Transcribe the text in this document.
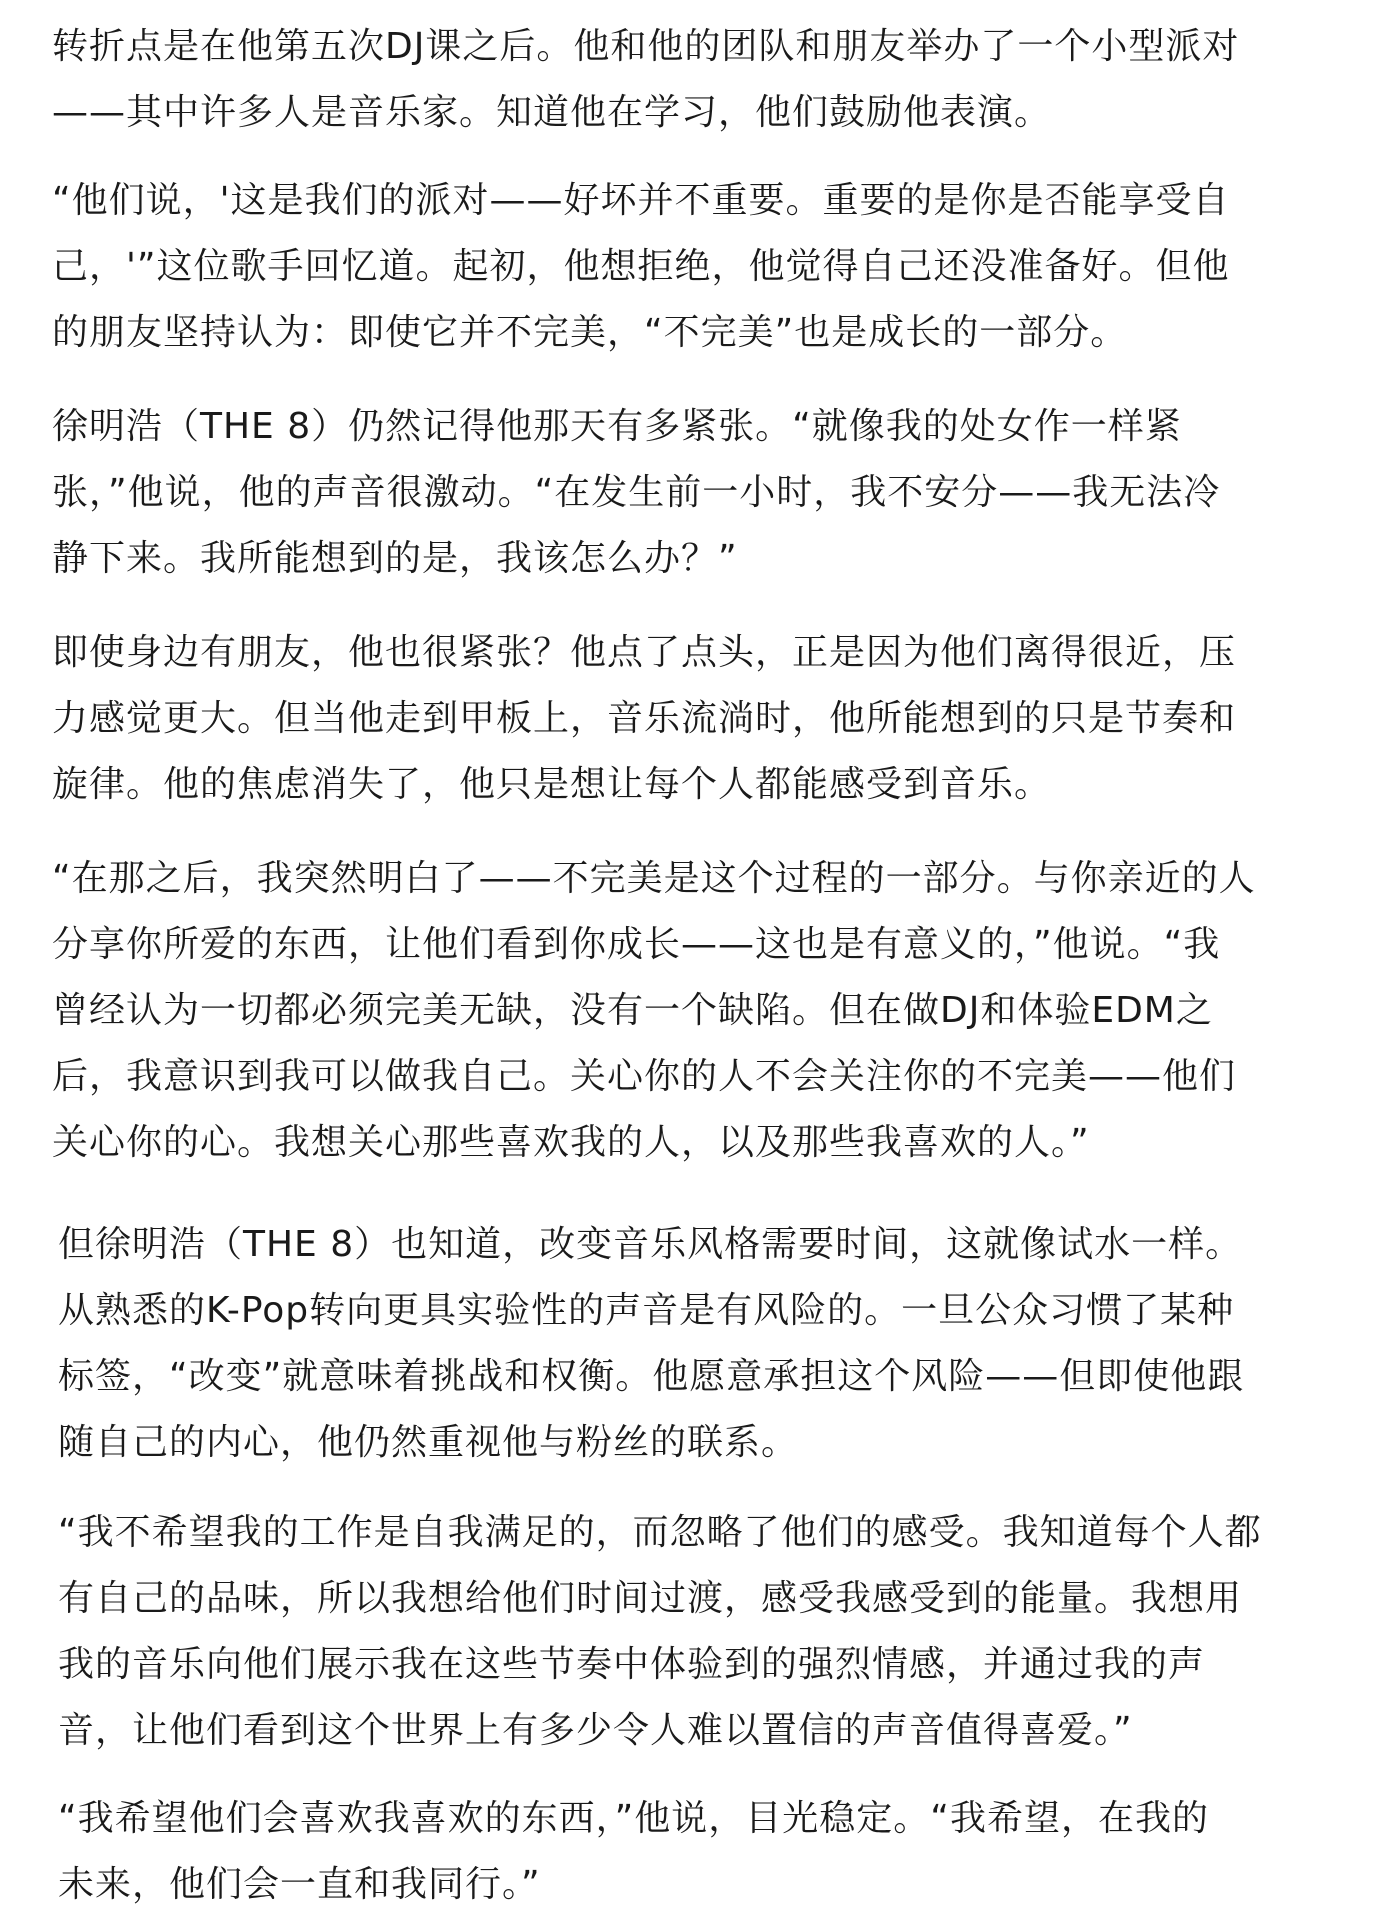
转折点是在他第五次DJ课之后。他和他的团队和朋友举办了一个小型派对
——其中许多人是音乐家。知道他在学习，他们鼓励他表演。

“他们说，'这是我们的派对——好坏并不重要。重要的是你是否能享受自
己，'”这位歌手回忆道。起初，他想拒绝，他觉得自己还没准备好。但他
的朋友坚持认为：即使它并不完美，“不完美”也是成长的一部分。

徐明浩（THE 8）仍然记得他那天有多紧张。“就像我的处女作一样紧
张，”他说，他的声音很激动。“在发生前一小时，我不安分——我无法冷
静下来。我所能想到的是，我该怎么办？”

即使身边有朋友，他也很紧张？他点了点头，正是因为他们离得很近，压
力感觉更大。但当他走到甲板上，音乐流淌时，他所能想到的只是节奏和
旋律。他的焦虑消失了，他只是想让每个人都能感受到音乐。

“在那之后，我突然明白了——不完美是这个过程的一部分。与你亲近的人
分享你所爱的东西，让他们看到你成长——这也是有意义的，”他说。“我
曾经认为一切都必须完美无缺，没有一个缺陷。但在做DJ和体验EDM之
后，我意识到我可以做我自己。关心你的人不会关注你的不完美——他们
关心你的心。我想关心那些喜欢我的人，以及那些我喜欢的人。”

但徐明浩（THE 8）也知道，改变音乐风格需要时间，这就像试水一样。
从熟悉的K-Pop转向更具实验性的声音是有风险的。一旦公众习惯了某种
标签，“改变”就意味着挑战和权衡。他愿意承担这个风险——但即使他跟
随自己的内心，他仍然重视他与粉丝的联系。

“我不希望我的工作是自我满足的，而忽略了他们的感受。我知道每个人都
有自己的品味，所以我想给他们时间过渡，感受我感受到的能量。我想用
我的音乐向他们展示我在这些节奏中体验到的强烈情感，并通过我的声
音，让他们看到这个世界上有多少令人难以置信的声音值得喜爱。”

“我希望他们会喜欢我喜欢的东西，”他说，目光稳定。“我希望，在我的
未来，他们会一直和我同行。”
